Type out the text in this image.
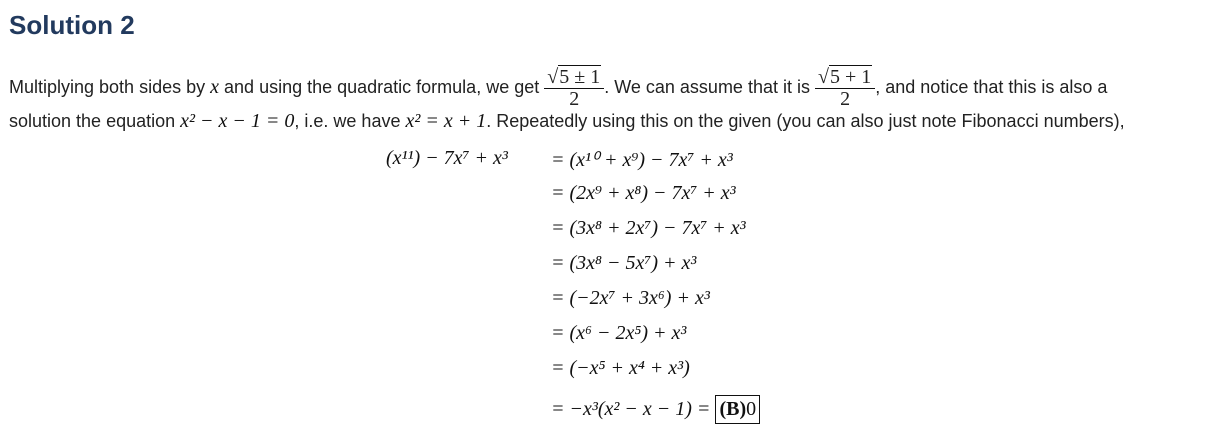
Solution 2
Multiplying both sides by x and using the quadratic formula, we get $\frac{√5 \pm 1}{2}$ . We can assume that it is $\frac{√5 + 1}{2}$ , and notice that this is also a
solution the equation x² − x − 1 = 0, i.e. we have x² = x + 1. Repeatedly using this on the given (you can also just note Fibonacci numbers),
(x¹¹) − 7x⁷ + x³	= (x¹⁰ + x⁹) − 7x⁷ + x³
= (2x⁹ + x⁸) − 7x⁷ + x³
= (3x⁸ + 2x⁷) − 7x⁷ + x³
= (3x⁸ − 5x⁷) + x³
= (−2x⁷ + 3x⁶) + x³
= (x⁶ − 2x⁵) + x³
= (−x⁵ + x⁴ + x³)
= −x³(x² − x − 1) = (B)0
